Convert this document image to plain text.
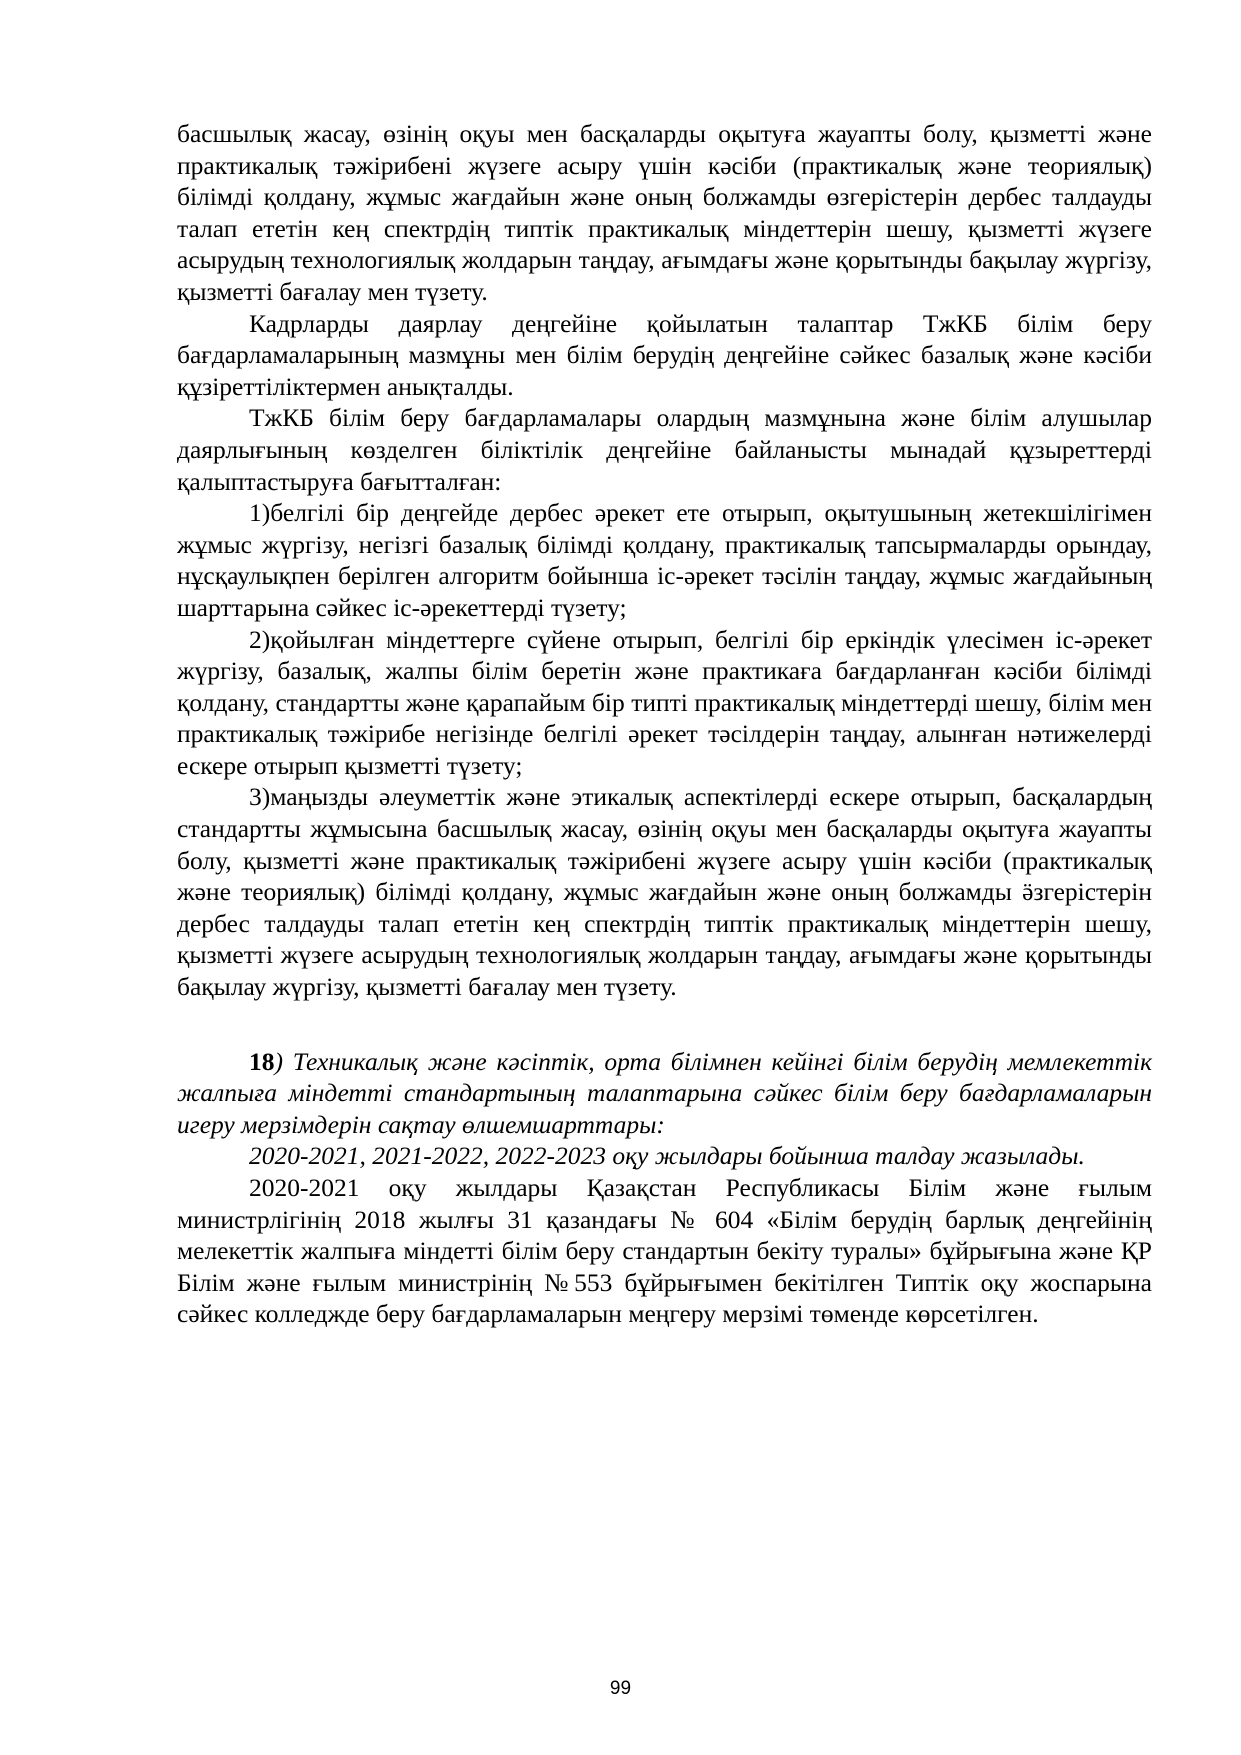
басшылық жасау, өзінің оқуы мен басқаларды оқытуға жауапты болу, қызметті және практикалық тәжірибені жүзеге асыру үшін кәсіби (практикалық және теориялық) білімді қолдану, жұмыс жағдайын және оның болжамды өзгерістерін дербес талдауды талап ететін кең спектрдің типтік практикалық міндеттерін шешу, қызметті жүзеге асырудың технологиялық жолдарын таңдау, ағымдағы және қорытынды бақылау жүргізу, қызметті бағалау мен түзету.

Кадрларды даярлау деңгейіне қойылатын талаптар ТжКБ білім беру бағдарламаларының мазмұны мен білім берудің деңгейіне сәйкес базалық және кәсіби құзіреттіліктермен анықталды.

ТжКБ білім беру бағдарламалары олардың мазмұнына және білім алушылар даярлығының көзделген біліктілік деңгейіне байланысты мынадай құзыреттерді қалыптастыруға бағытталған:

1)белгілі бір деңгейде дербес әрекет ете отырып, оқытушының жетекшілігімен жұмыс жүргізу, негізгі базалық білімді қолдану, практикалық тапсырмаларды орындау, нұсқаулықпен берілген алгоритм бойынша іс-әрекет тәсілін таңдау, жұмыс жағдайының шарттарына сәйкес іс-әрекеттерді түзету;

2)қойылған міндеттерге сүйене отырып, белгілі бір еркіндік үлесімен іс-әрекет жүргізу, базалық, жалпы білім беретін және практикаға бағдарланған кәсіби білімді қолдану, стандартты және қарапайым бір типті практикалық міндеттерді шешу, білім мен практикалық тәжірибе негізінде белгілі әрекет тәсілдерін таңдау, алынған нәтижелерді ескере отырып қызметті түзету;

3)маңызды әлеуметтік және этикалық аспектілерді ескере отырып, басқалардың стандартты жұмысына басшылық жасау, өзінің оқуы мен басқаларды оқытуға жауапты болу, қызметті және практикалық тәжірибені жүзеге асыру үшін кәсіби (практикалық және теориялық) білімді қолдану, жұмыс жағдайын және оның болжамды ӛзгерістерін дербес талдауды талап ететін кең спектрдің типтік практикалық міндеттерін шешу, қызметті жүзеге асырудың технологиялық жолдарын таңдау, ағымдағы және қорытынды бақылау жүргізу, қызметті бағалау мен түзету.

18) Техникалық және кәсіптік, орта білімнен кейінгі білім берудің мемлекеттік жалпыға міндетті стандартының талаптарына сәйкес білім беру бағдарламаларын игеру мерзімдерін сақтау өлшемшарттары:

2020-2021, 2021-2022, 2022-2023 оқу жылдары бойынша талдау жазылады.

2020-2021 оқу жылдары Қазақстан Республикасы Білім және ғылым министрлігінің 2018 жылғы 31 қазандағы № 604 «Білім берудің барлық деңгейінің мелекеттік жалпыға міндетті білім беру стандартын бекіту туралы» бұйрығына және ҚР Білім және ғылым министрінің №553 бұйрығымен бекітілген Типтік оқу жоспарына сәйкес колледжде беру бағдарламаларын меңгеру мерзімі төменде көрсетілген.

99
